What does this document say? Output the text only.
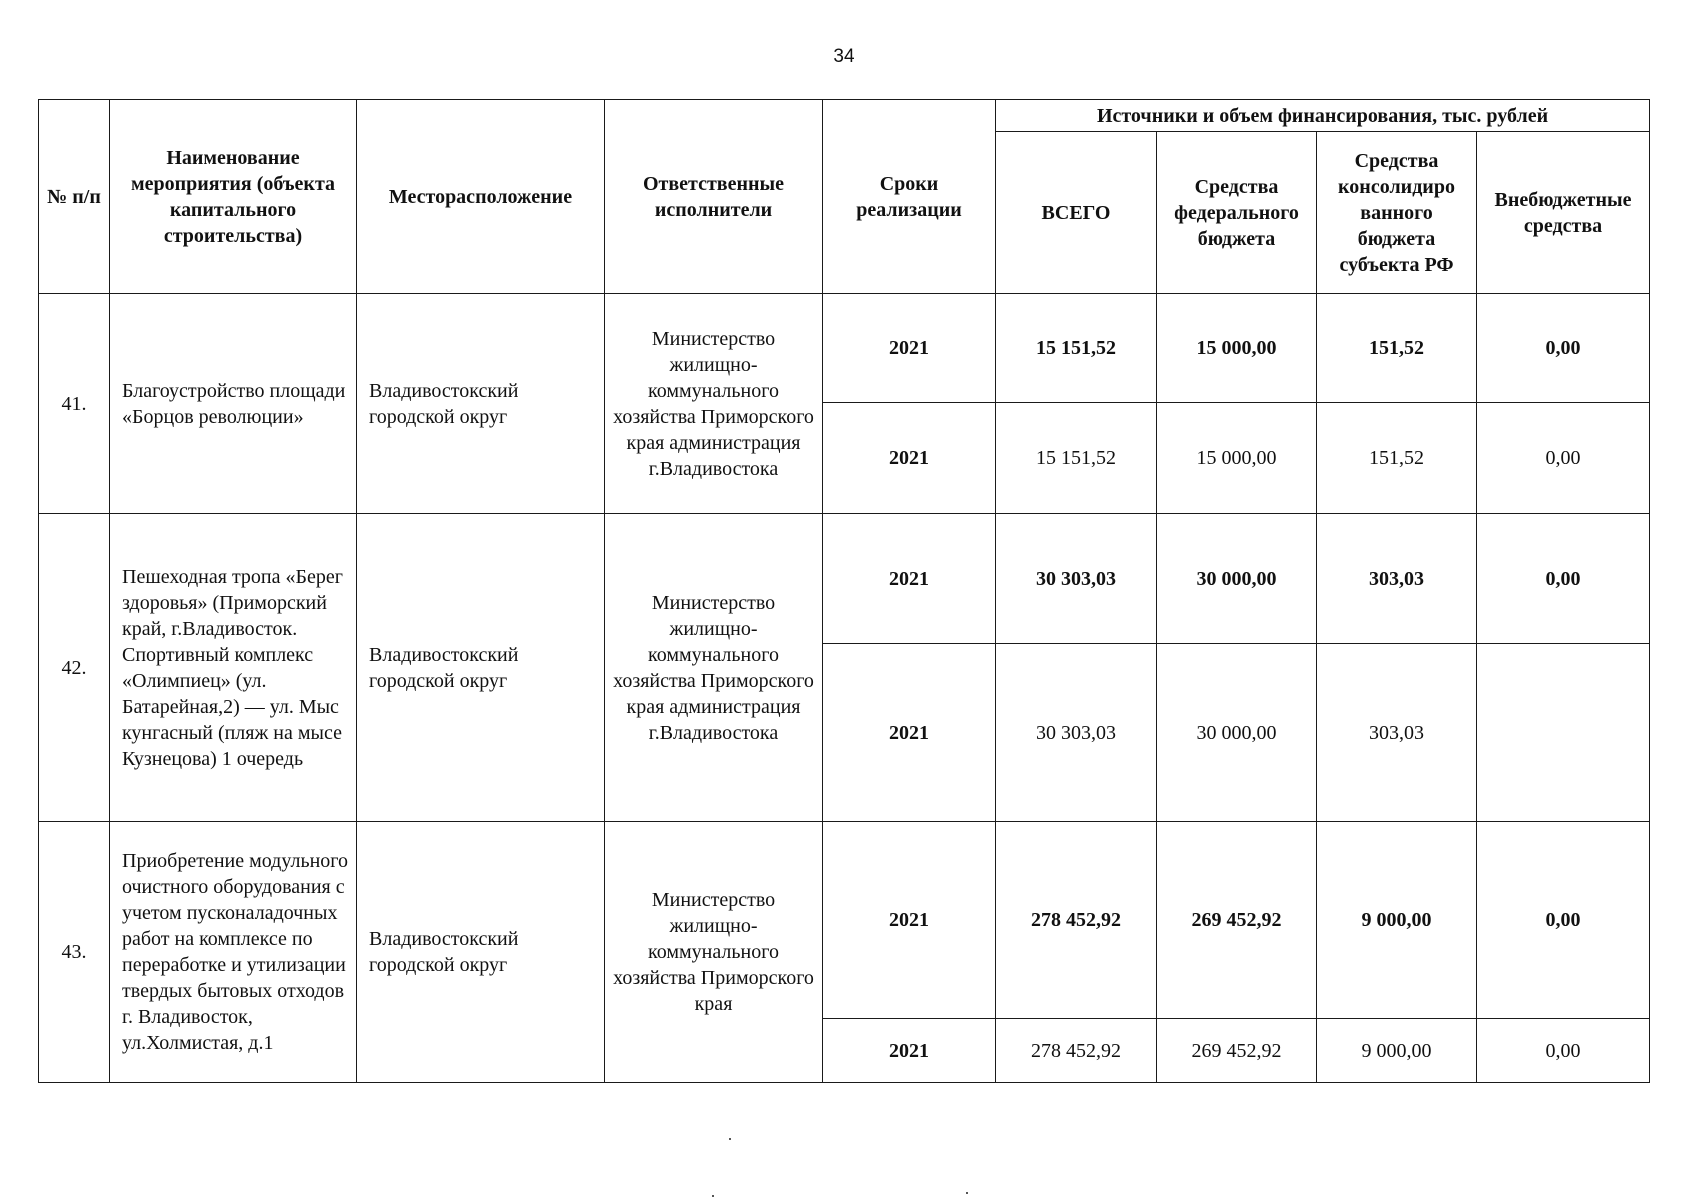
34
№ п/п	Наименование мероприятия (объекта капитального строительства)	Месторасположение	Ответственные исполнители	Сроки реализации	Источники и объем финансирования, тыс. рублей			
					ВСЕГО	Средства федерального бюджета	Средства консолидиро ванного бюджета субъекта РФ	Внебюджетные средства
41.	Благоустройство площади «Борцов революции»	Владивостокский городской округ	Министерство жилищно-коммунального хозяйства Приморского края администрация г.Владивостока	2021	15 151,52	15 000,00	151,52	0,00
				2021	15 151,52	15 000,00	151,52	0,00
42.	Пешеходная тропа «Берег здоровья» (Приморский край, г.Владивосток. Спортивный комплекс «Олимпиец» (ул. Батарейная,2) — ул. Мыс кунгасный (пляж на мысе Кузнецова) 1 очередь	Владивостокский городской округ	Министерство жилищно-коммунального хозяйства Приморского края администрация г.Владивостока	2021	30 303,03	30 000,00	303,03	0,00
				2021	30 303,03	30 000,00	303,03	
43.	Приобретение модульного очистного оборудования с учетом пусконаладочных работ на комплексе по переработке и утилизации твердых бытовых отходов г. Владивосток, ул.Холмистая, д.1	Владивостокский городской округ	Министерство жилищно-коммунального хозяйства Приморского края	2021	278 452,92	269 452,92	9 000,00	0,00
				2021	278 452,92	269 452,92	9 000,00	0,00
